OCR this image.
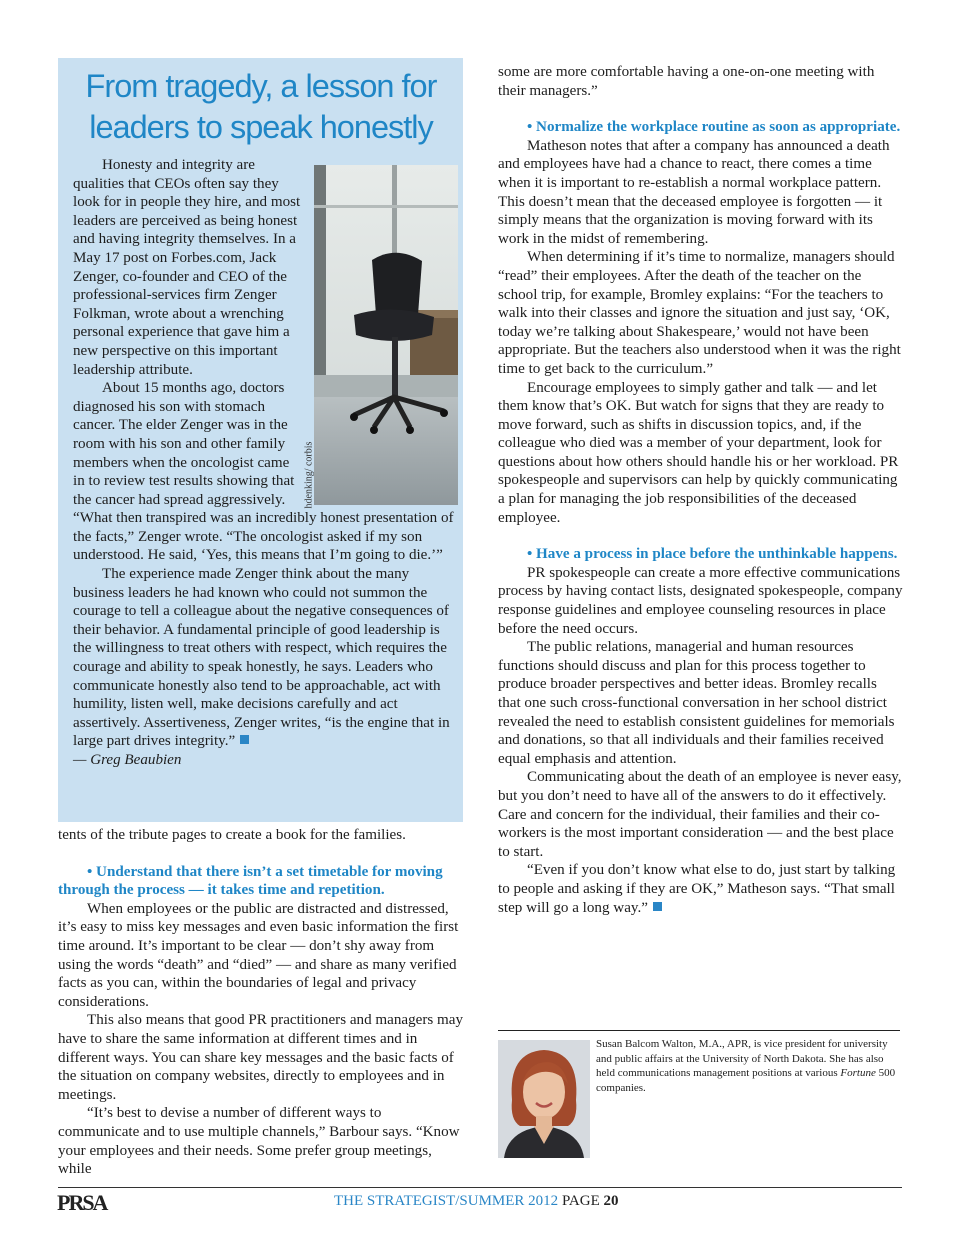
From tragedy, a lesson for leaders to speak honestly

Honesty and integrity are qualities that CEOs often say they look for in people they hire, and most leaders are perceived as being honest and having integrity themselves. In a May 17 post on Forbes.com, Jack Zenger, co-founder and CEO of the professional-services firm Zenger Folkman, wrote about a wrenching personal experience that gave him a new perspective on this important leadership attribute.

About 15 months ago, doctors diagnosed his son with stomach cancer. The elder Zenger was in the room with his son and other family members when the oncologist came in to review test results showing that the cancer had spread aggressively. “What then transpired was an incredibly honest presentation of the facts,” Zenger wrote. “The oncologist asked if my son understood. He said, ‘Yes, this means that I’m going to die.’”

The experience made Zenger think about the many business leaders he had known who could not summon the courage to tell a colleague about the negative consequences of their behavior. A fundamental principle of good leadership is the willingness to treat others with respect, which requires the courage and ability to speak honestly, he says. Leaders who communicate honestly also tend to be approachable, act with humility, listen well, make decisions carefully and act assertively. Assertiveness, Zenger writes, “is the engine that in large part drives integrity.”

— Greg Beaubien

hdenking/ corbis

tents of the tribute pages to create a book for the families.

• Understand that there isn’t a set timetable for moving through the process — it takes time and repetition.

When employees or the public are distracted and distressed, it’s easy to miss key messages and even basic information the first time around. It’s important to be clear — don’t shy away from using the words “death” and “died” — and share as many verified facts as you can, within the boundaries of legal and privacy considerations.

This also means that good PR practitioners and managers may have to share the same information at different times and in different ways. You can share key messages and the basic facts of the situation on company websites, directly to employees and in meetings.

“It’s best to devise a number of different ways to communicate and to use multiple channels,” Barbour says. “Know your employees and their needs. Some prefer group meetings, while

some are more comfortable having a one-on-one meeting with their managers.”

• Normalize the workplace routine as soon as appropriate.

Matheson notes that after a company has announced a death and employees have had a chance to react, there comes a time when it is important to re-establish a normal workplace pattern. This doesn’t mean that the deceased employee is forgotten — it simply means that the organization is moving forward with its work in the midst of remembering.

When determining if it’s time to normalize, managers should “read” their employees. After the death of the teacher on the school trip, for example, Bromley explains: “For the teachers to walk into their classes and ignore the situation and just say, ‘OK, today we’re talking about Shakespeare,’ would not have been appropriate. But the teachers also understood when it was the right time to get back to the curriculum.”

Encourage employees to simply gather and talk — and let them know that’s OK. But watch for signs that they are ready to move forward, such as shifts in discussion topics, and, if the colleague who died was a member of your department, look for questions about how others should handle his or her workload. PR spokespeople and supervisors can help by quickly communicating a plan for managing the job responsibilities of the deceased employee.

• Have a process in place before the unthinkable happens.

PR spokespeople can create a more effective communications process by having contact lists, designated spokespeople, company response guidelines and employee counseling resources in place before the need occurs.

The public relations, managerial and human resources functions should discuss and plan for this process together to produce broader perspectives and better ideas. Bromley recalls that one such cross-functional conversation in her school district revealed the need to establish consistent guidelines for memorials and donations, so that all individuals and their families received equal emphasis and attention.

Communicating about the death of an employee is never easy, but you don’t need to have all of the answers to do it effectively. Care and concern for the individual, their families and their co-workers is the most important consideration — and the best place to start.

“Even if you don’t know what else to do, just start by talking to people and asking if they are OK,” Matheson says. “That small step will go a long way.”

Susan Balcom Walton, M.A., APR, is vice president for university and public affairs at the University of North Dakota. She has also held communications management positions at various Fortune 500 companies.

PRSA	THE STRATEGIST/SUMMER 2012 PAGE 20
